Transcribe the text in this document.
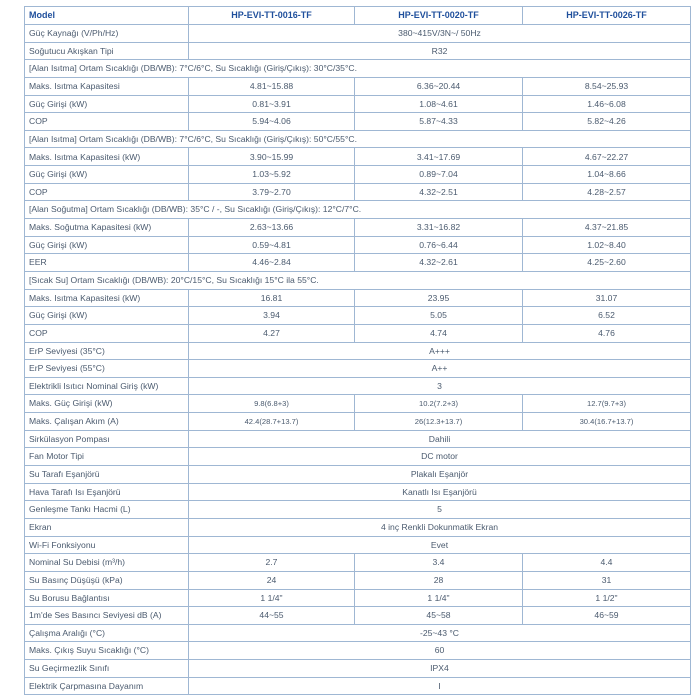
Model	HP-EVI-TT-0016-TF	HP-EVI-TT-0020-TF	HP-EVI-TT-0026-TF
Güç Kaynağı (V/Ph/Hz)	380~415V/3N~/ 50Hz		
Soğutucu Akışkan Tipi	R32		
[Alan Isıtma] Ortam Sıcaklığı (DB/WB): 7°C/6°C, Su Sıcaklığı (Giriş/Çıkış): 30°C/35°C.			
Maks. Isıtma Kapasitesi	4.81~15.88	6.36~20.44	8.54~25.93
Güç Girişi (kW)	0.81~3.91	1.08~4.61	1.46~6.08
COP	5.94~4.06	5.87~4.33	5.82~4.26
[Alan Isıtma] Ortam Sıcaklığı (DB/WB): 7°C/6°C, Su Sıcaklığı (Giriş/Çıkış): 50°C/55°C.			
Maks. Isıtma Kapasitesi (kW)	3.90~15.99	3.41~17.69	4.67~22.27
Güç Girişi (kW)	1.03~5.92	0.89~7.04	1.04~8.66
COP	3.79~2.70	4.32~2.51	4.28~2.57
[Alan Soğutma] Ortam Sıcaklığı (DB/WB): 35°C / -, Su Sıcaklığı (Giriş/Çıkış): 12°C/7°C.			
Maks. Soğutma Kapasitesi (kW)	2.63~13.66	3.31~16.82	4.37~21.85
Güç Girişi (kW)	0.59~4.81	0.76~6.44	1.02~8.40
EER	4.46~2.84	4.32~2.61	4.25~2.60
[Sıcak Su] Ortam Sıcaklığı (DB/WB): 20°C/15°C, Su Sıcaklığı 15°C ila 55°C.			
Maks. Isıtma Kapasitesi (kW)	16.81	23.95	31.07
Güç Girişi (kW)	3.94	5.05	6.52
COP	4.27	4.74	4.76
ErP Seviyesi (35°C)	A+++		
ErP Seviyesi (55°C)	A++		
Elektrikli Isıtıcı Nominal Giriş (kW)	3		
Maks. Güç Girişi (kW)	9.8(6.8+3)	10.2(7.2+3)	12.7(9.7+3)
Maks. Çalışan Akım (A)	42.4(28.7+13.7)	26(12.3+13.7)	30.4(16.7+13.7)
Sirkülasyon Pompası	Dahili		
Fan Motor Tipi	DC motor		
Su Tarafı Eşanjörü	Plakalı Eşanjör		
Hava Tarafı Isı Eşanjörü	Kanatlı Isı Eşanjörü		
Genleşme Tankı Hacmi (L)	5		
Ekran	4 inç Renkli Dokunmatik Ekran		
Wi-Fi Fonksiyonu	Evet		
Nominal Su Debisi (m³/h)	2.7	3.4	4.4
Su Basınç Düşüşü (kPa)	24	28	31
Su Borusu Bağlantısı	1 1/4"	1 1/4"	1 1/2"
1m'de Ses Basıncı Seviyesi dB (A)	44~55	45~58	46~59
Çalışma Aralığı (°C)	-25~43 °C		
Maks. Çıkış Suyu Sıcaklığı (°C)	60		
Su Geçirmezlik Sınıfı	IPX4		
Elektrik Çarpmasına Dayanım	I		
